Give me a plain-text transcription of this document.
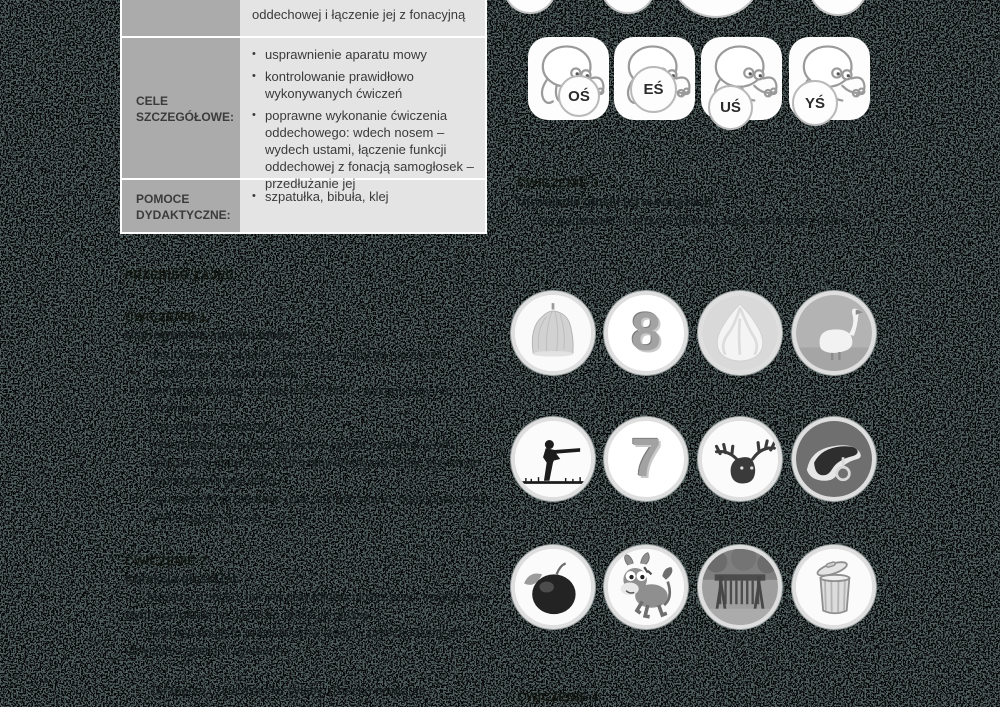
oddechowej i łączenie jej z fonacyjną
CELE SZCZEGÓŁOWE:
• usprawnienie aparatu mowy
• kontrolowanie prawidłowo wykonywanych ćwiczeń
• poprawne wykonanie ćwiczenia oddechowego: wdech nosem – wydech ustami, łączenie funkcji oddechowej z fonacją samogłosek – przedłużanie jej
POMOCE DYDAKTYCZNE:
• szpatułka, bibuła, klej
OŚ	EŚ
UŚ	YŚ

ĆWICZENIE 3

Utrwalanie głoski [ś] w wyrazach.

Na podstawie obrazków dziecko stara się ułożyć zdania.

PRZEBIEG ZAJĘĆ

ĆWICZENIE 1

Usprawnianie aparatu mowy:

• dmuchanie na płomień świecy tak, żeby go nie zgasić,
• dmuchanie na paski bibuły,
• gimnastyka warg: uśmiech i dzióbek – wykonujemy na przemian,
• przesyłanie buziaczków,
• wykonywanie kociego grzbietu z języka – czubek języka opieramy o dolne zęby i unosimy środkową część języka do podniebienia twardego,
• wymawianie przesadnie (początkowo wolno, następnie coraz szybciej): ja – jo – je – ju – jy

ĆWICZENIE 2

Korekcja głoski [ś].

Mówimy dziecku, jak ma prawidłowo ułożyć język i wargi przy wymowie głoski [ś]. Dziecko realizuje głoskę.

Jeśli wykonuje to prawidłowo w izolacji, przechodzimy do utrwalania głoski w sylabach.

Terapeuta czyta dziecku sylaby, dziecko powtarza.	ĆWICZENIE 4

8
7
